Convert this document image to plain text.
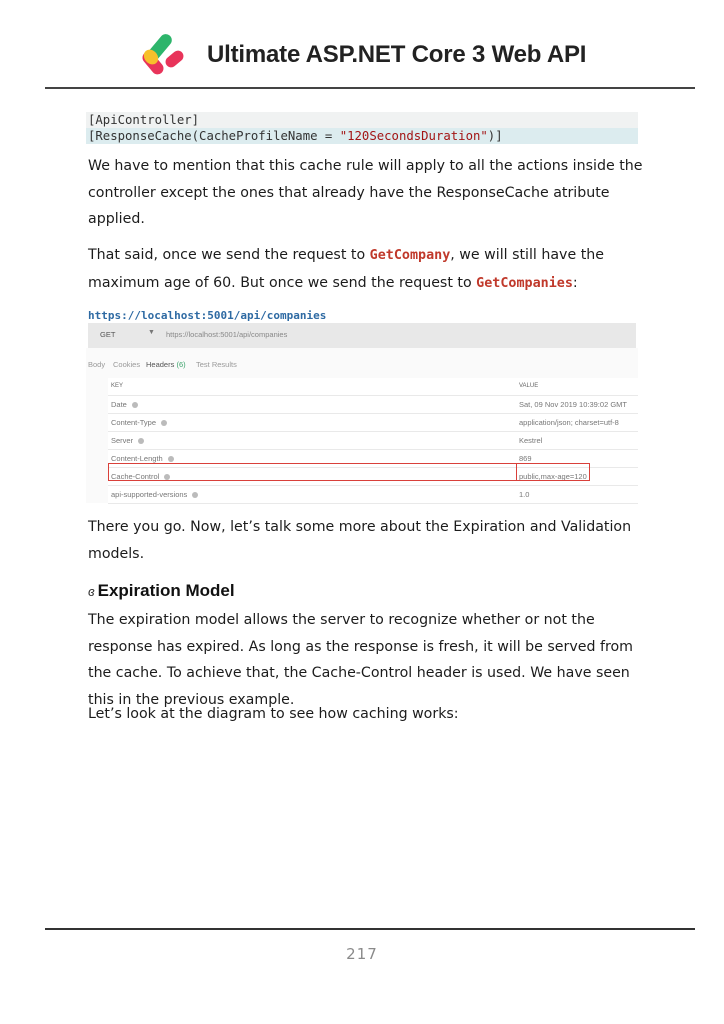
Ultimate ASP.NET Core 3 Web API
[ApiController]
[ResponseCache(CacheProfileName = "120SecondsDuration")]
We have to mention that this cache rule will apply to all the actions inside the controller except the ones that already have the ResponseCache atribute applied.
That said, once we send the request to GetCompany, we will still have the maximum age of 60. But once we send the request to GetCompanies:
https://localhost:5001/api/companies
GET	▼ https://localhost:5001/api/companies
Body Cookies Headers (6) Test Results
KEY	VALUE
Date	Sat, 09 Nov 2019 10:39:02 GMT
Content-Type	application/json; charset=utf-8
Server	Kestrel
Content-Length	869
Cache-Control	public,max-age=120
api-supported-versions	1.0
There you go. Now, let’s talk some more about the Expiration and Validation models.
ɞ Expiration Model
The expiration model allows the server to recognize whether or not the response has expired. As long as the response is fresh, it will be served from the cache. To achieve that, the Cache-Control header is used. We have seen this in the previous example.
Let’s look at the diagram to see how caching works:
217
